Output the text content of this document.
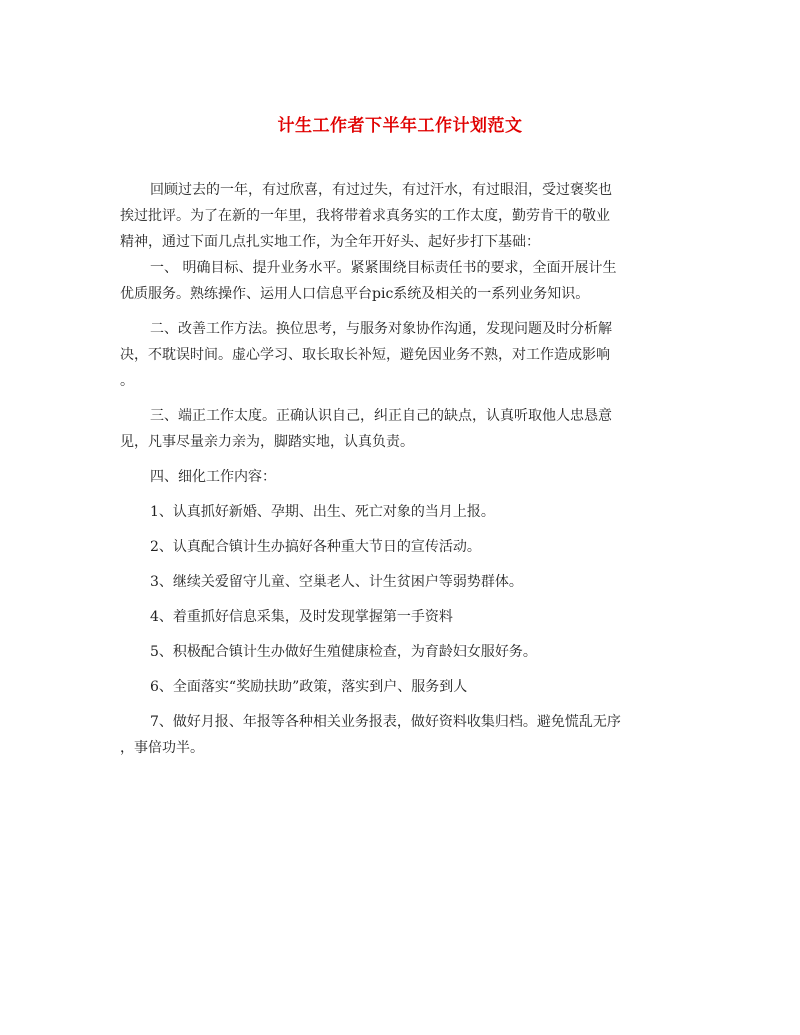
计生工作者下半年工作计划范文

回顾过去的一年，有过欣喜，有过过失，有过汗水，有过眼泪，受过褒奖也
挨过批评。为了在新的一年里，我将带着求真务实的工作太度，勤劳肯干的敬业
精神，通过下面几点扎实地工作，为全年开好头、起好步打下基础：

一、 明确目标、提升业务水平。紧紧围绕目标责任书的要求，全面开展计生
优质服务。熟练操作、运用人口信息平台pic系统及相关的一系列业务知识。

二、改善工作方法。换位思考，与服务对象协作沟通，发现问题及时分析解
决，不耽误时间。虚心学习、取长取长补短，避免因业务不熟，对工作造成影响
。

三、端正工作太度。正确认识自己，纠正自己的缺点，认真听取他人忠恳意
见，凡事尽量亲力亲为，脚踏实地，认真负责。

四、细化工作内容：

1、认真抓好新婚、孕期、出生、死亡对象的当月上报。

2、认真配合镇计生办搞好各种重大节日的宣传活动。

3、继续关爱留守儿童、空巢老人、计生贫困户等弱势群体。

4、着重抓好信息采集，及时发现掌握第一手资料

5、积极配合镇计生办做好生殖健康检查，为育龄妇女服好务。

6、全面落实“奖励扶助”政策，落实到户、服务到人

7、做好月报、年报等各种相关业务报表，做好资料收集归档。避免慌乱无序
，事倍功半。
